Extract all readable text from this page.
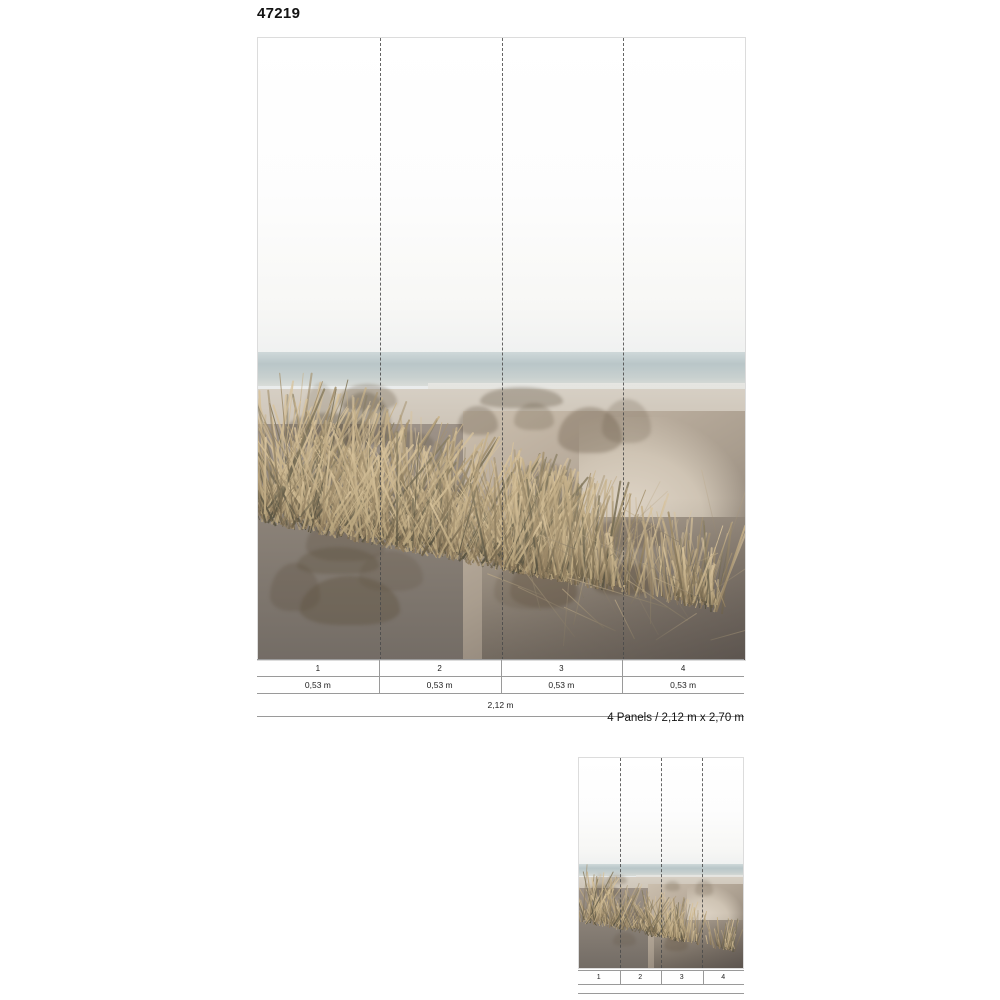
47219
1	2	3	4
0,53 m	0,53 m	0,53 m	0,53 m
2,12 m
4 Panels / 2,12 m x 2,70 m
1	2	3	4
